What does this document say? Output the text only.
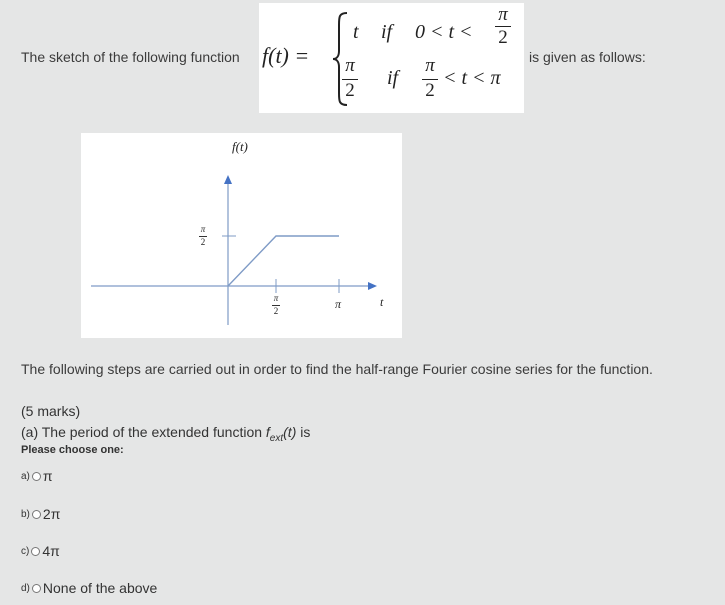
The sketch of the following function	is given as follows:
f(t) =
t if 0 < t <
π
2
π
2
if
π
2
< t < π
f(t)
t
π
π
2
π
2
The following steps are carried out in order to find the half-range Fourier cosine series for the function.
(5 marks)
(a) The period of the extended function $f_{ext}(t)$ is
Please choose one:
a) π
b) 2π
c) 4π
d) None of the above
